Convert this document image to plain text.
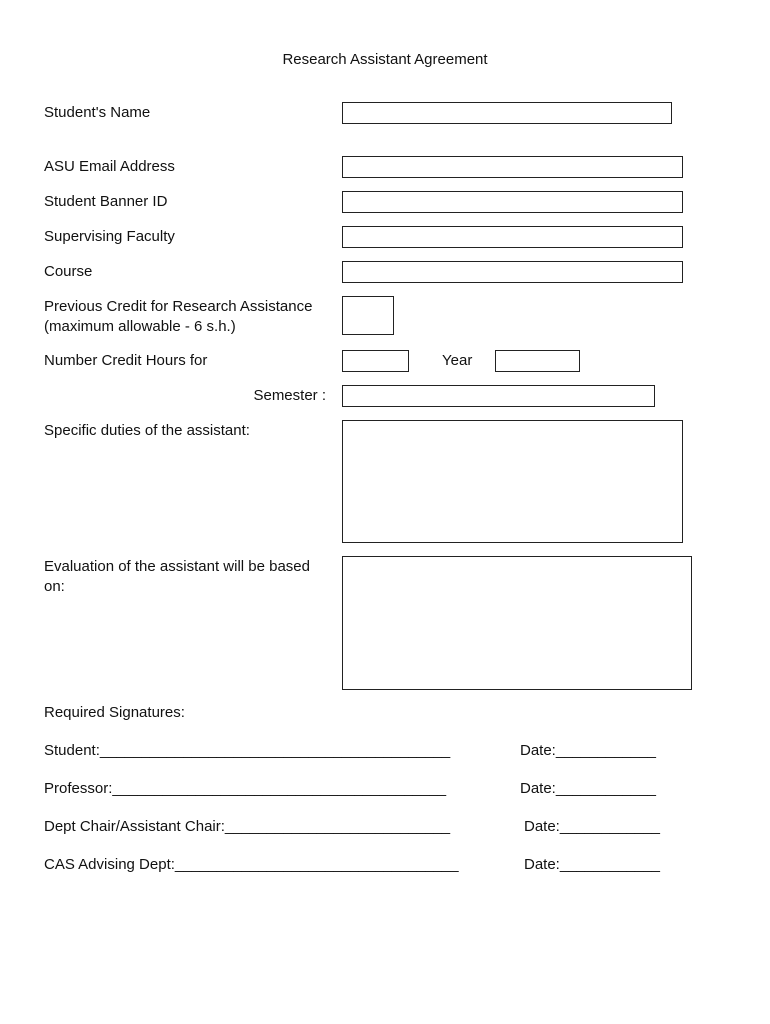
Research Assistant Agreement
Student's Name
ASU Email Address
Student Banner ID
Supervising Faculty
Course
Previous Credit for Research Assistance
(maximum allowable - 6 s.h.)
Number Credit Hours for	Year
Semester :
Specific duties of the assistant:
Evaluation of the assistant will be based
on:
Required Signatures:
Student:__________________________________________	Date:____________
Professor:________________________________________	Date:____________
Dept Chair/Assistant Chair:___________________________	Date:____________
CAS Advising Dept:__________________________________	Date:____________
